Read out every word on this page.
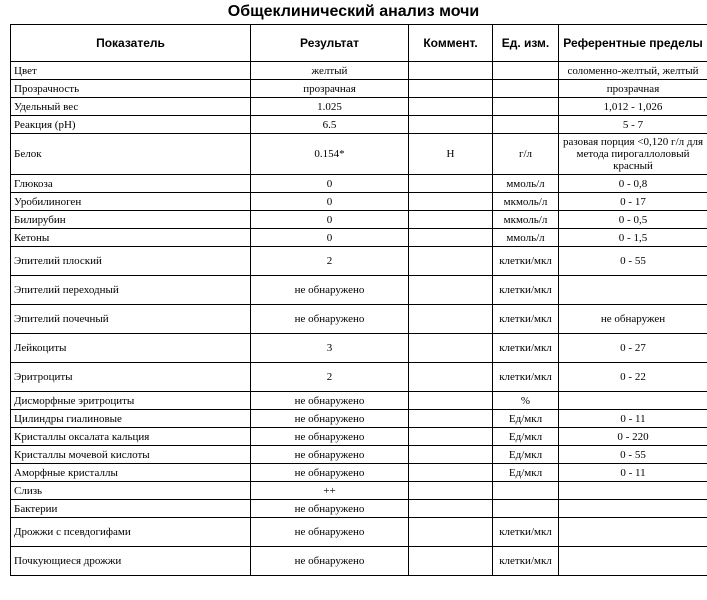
Общеклинический анализ мочи
Показатель	Результат	Коммент.	Ед. изм.	Референтные пределы
Цвет	желтый			соломенно-желтый, желтый
Прозрачность	прозрачная			прозрачная
Удельный вес	1.025			1,012 - 1,026
Реакция (pH)	6.5			5 - 7
Белок	0.154*	H	г/л	разовая порция <0,120 г/л для метода пирогаллоловый красный
Глюкоза	0		ммоль/л	0 - 0,8
Уробилиноген	0		мкмоль/л	0 - 17
Билирубин	0		мкмоль/л	0 - 0,5
Кетоны	0		ммоль/л	0 - 1,5
Эпителий плоский	2		клетки/мкл	0 - 55
Эпителий переходный	не обнаружено		клетки/мкл	
Эпителий почечный	не обнаружено		клетки/мкл	не обнаружен
Лейкоциты	3		клетки/мкл	0 - 27
Эритроциты	2		клетки/мкл	0 - 22
Дисморфные эритроциты	не обнаружено		%	
Цилиндры гиалиновые	не обнаружено		Ед/мкл	0 - 11
Кристаллы оксалата кальция	не обнаружено		Ед/мкл	0 - 220
Кристаллы мочевой кислоты	не обнаружено		Ед/мкл	0 - 55
Аморфные кристаллы	не обнаружено		Ед/мкл	0 - 11
Слизь	++			
Бактерии	не обнаружено			
Дрожжи с псевдогифами	не обнаружено		клетки/мкл	
Почкующиеся дрожжи	не обнаружено		клетки/мкл	
